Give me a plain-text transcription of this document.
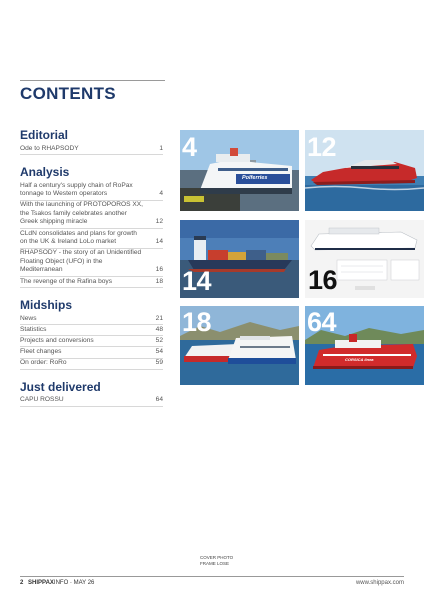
CONTENTS
Editorial
Ode to RHAPSODY	1
Analysis
Half a century's supply chain of RoPax tonnage to Western operators	4
With the launching of PROTOPOROS XX, the Tsakos family celebrates another Greek shipping miracle	12
CLdN consolidates and plans for growth on the UK & Ireland LoLo market	14
RHAPSODY - the story of an Unidentified Floating Object (UFO) in the Mediterranean	16
The revenge of the Rafina boys	18
Midships
News	21
Statistics	48
Projects and conversions	52
Fleet changes	54
On order: RoRo	59
Just delivered
CAPU ROSSU	64
4
Polferries
12
14
ERGEN FERRYTERMINAL
16
18	64
CORSICA linea
COVER PHOTO
FRAME LOSE
2 SHIPPAXINFO - MAY 26	www.shippax.com
